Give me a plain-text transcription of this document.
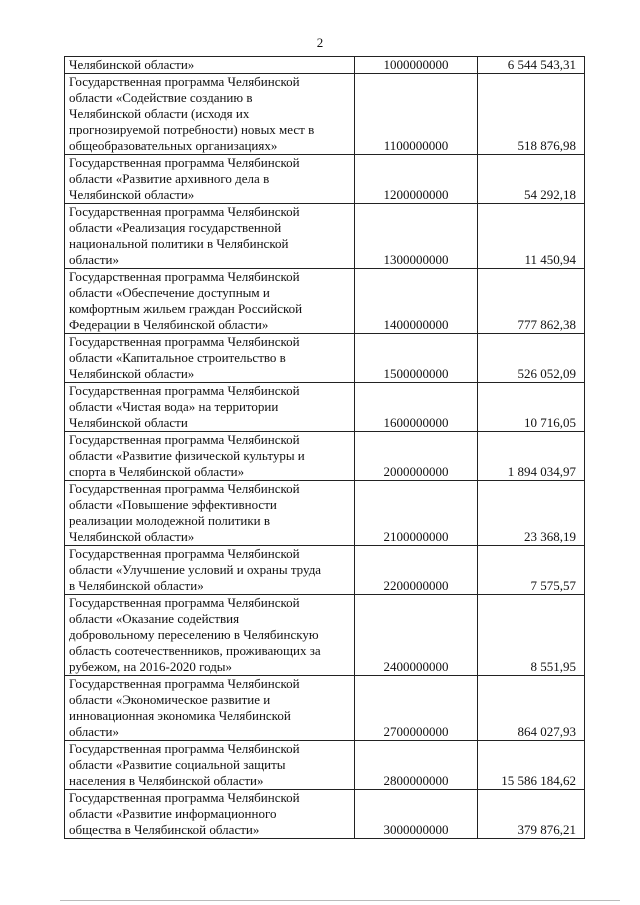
2
Челябинской области»	1000000000	6 544 543,31

Государственная программа Челябинской
области «Содействие созданию в
Челябинской области (исходя их
прогнозируемой потребности) новых мест в
общеобразовательных организациях»	1100000000	518 876,98

Государственная программа Челябинской
области «Развитие архивного дела в
Челябинской области»	1200000000	54 292,18

Государственная программа Челябинской
области «Реализация государственной
национальной политики в Челябинской
области»	1300000000	11 450,94

Государственная программа Челябинской
области «Обеспечение доступным и
комфортным жильем граждан Российской
Федерации в Челябинской области»	1400000000	777 862,38

Государственная программа Челябинской
области «Капитальное строительство в
Челябинской области»	1500000000	526 052,09

Государственная программа Челябинской
области «Чистая вода» на территории
Челябинской области	1600000000	10 716,05

Государственная программа Челябинской
области «Развитие физической культуры и
спорта в Челябинской области»	2000000000	1 894 034,97

Государственная программа Челябинской
области «Повышение эффективности
реализации молодежной политики в
Челябинской области»	2100000000	23 368,19

Государственная программа Челябинской
области «Улучшение условий и охраны труда
в Челябинской области»	2200000000	7 575,57

Государственная программа Челябинской
области «Оказание содействия
добровольному переселению в Челябинскую
область соотечественников, проживающих за
рубежом, на 2016-2020 годы»	2400000000	8 551,95

Государственная программа Челябинской
области «Экономическое развитие и
инновационная экономика Челябинской
области»	2700000000	864 027,93

Государственная программа Челябинской
области «Развитие социальной защиты
населения в Челябинской области»	2800000000	15 586 184,62

Государственная программа Челябинской
области «Развитие информационного
общества в Челябинской области»	3000000000	379 876,21
